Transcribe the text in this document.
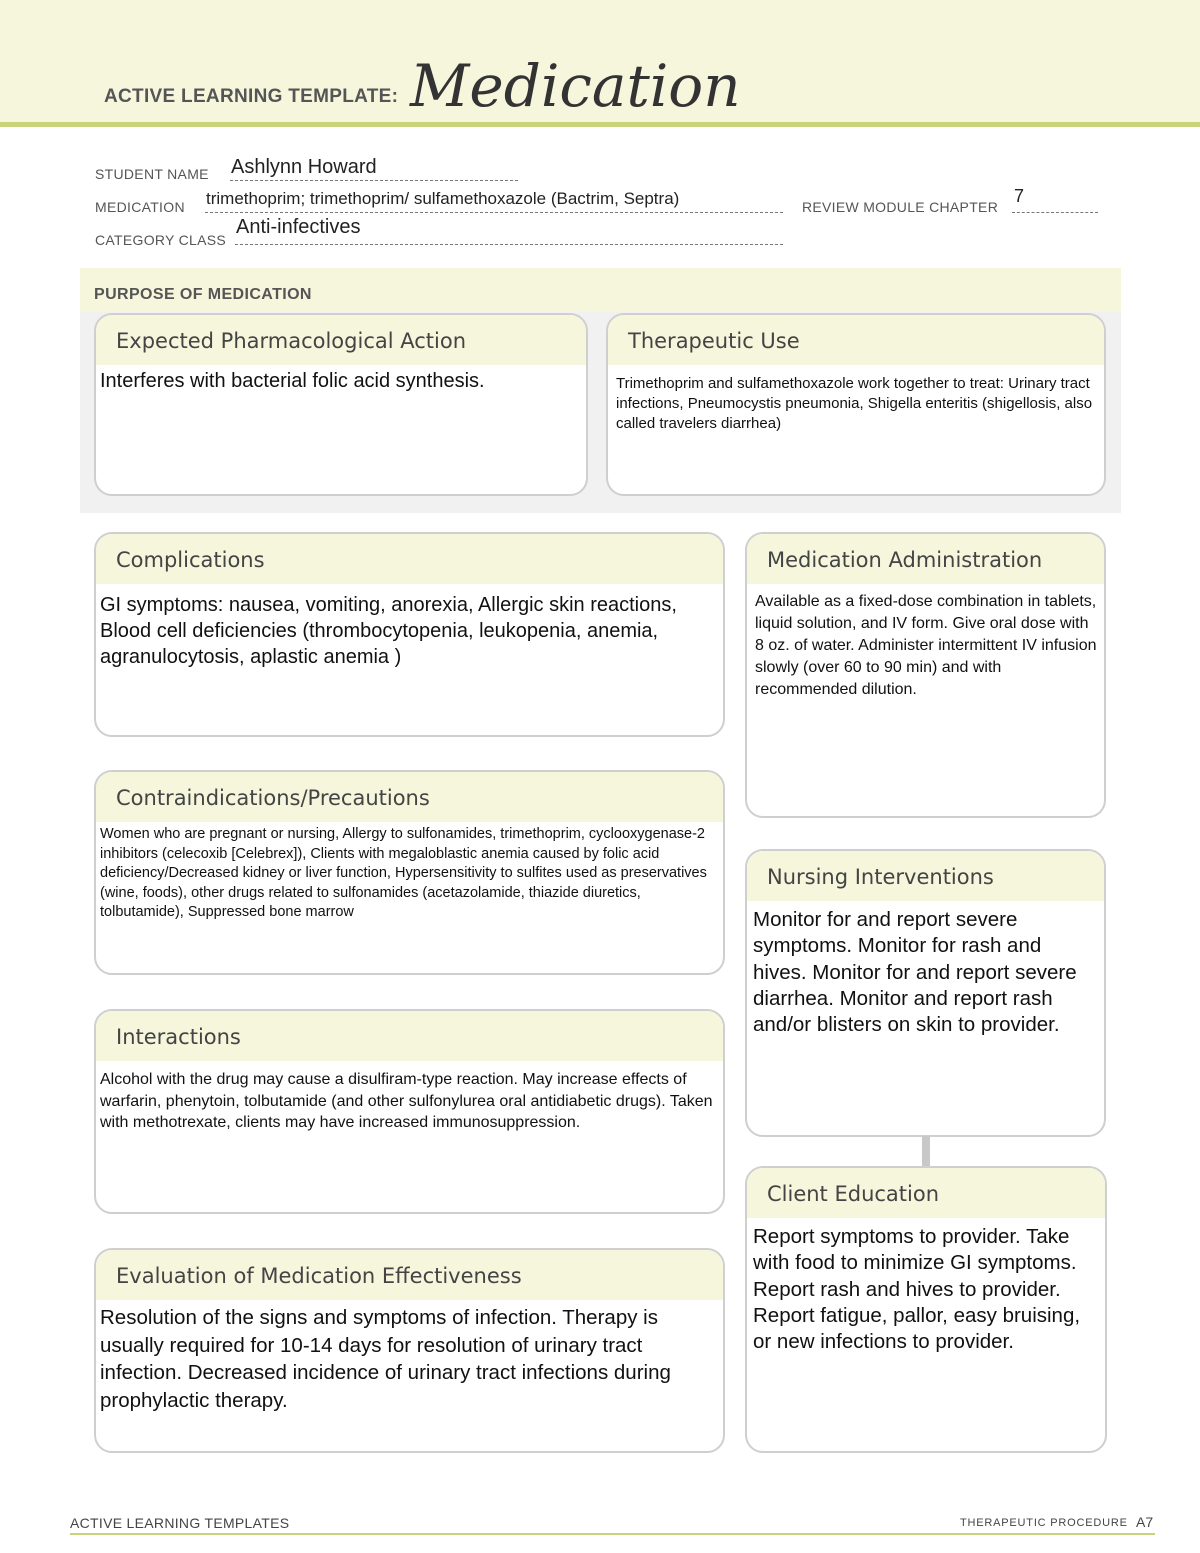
ACTIVE LEARNING TEMPLATE: Medication
STUDENT NAME Ashlynn Howard
MEDICATION trimethoprim; trimethoprim/ sulfamethoxazole (Bactrim, Septra)	REVIEW MODULE CHAPTER
7
CATEGORY CLASS
Anti-infectives
PURPOSE OF MEDICATION
Expected Pharmacological Action
Interferes with bacterial folic acid synthesis.
Therapeutic Use
Trimethoprim and sulfamethoxazole work together to treat: Urinary tract infections, Pneumocystis pneumonia, Shigella enteritis (shigellosis, also called travelers diarrhea)
Complications
GI symptoms: nausea, vomiting, anorexia, Allergic skin reactions, Blood cell deficiencies (thrombocytopenia, leukopenia, anemia, agranulocytosis, aplastic anemia )
Contraindications/Precautions
Women who are pregnant or nursing, Allergy to sulfonamides, trimethoprim, cyclooxygenase-2 inhibitors (celecoxib [Celebrex]), Clients with megaloblastic anemia caused by folic acid deficiency/Decreased kidney or liver function, Hypersensitivity to sulfites used as preservatives (wine, foods), other drugs related to sulfonamides (acetazolamide, thiazide diuretics, tolbutamide), Suppressed bone marrow
Interactions
Alcohol with the drug may cause a disulfiram-type reaction. May increase effects of warfarin, phenytoin, tolbutamide (and other sulfonylurea oral antidiabetic drugs). Taken with methotrexate, clients may have increased immunosuppression.
Evaluation of Medication Effectiveness
Resolution of the signs and symptoms of infection. Therapy is usually required for 10-14 days for resolution of urinary tract infection. Decreased incidence of urinary tract infections during prophylactic therapy.
Medication Administration
Available as a fixed-dose combination in tablets, liquid solution, and IV form. Give oral dose with 8 oz. of water. Administer intermittent IV infusion slowly (over 60 to 90 min) and with recommended dilution.
Nursing Interventions
Monitor for and report severe symptoms. Monitor for rash and hives. Monitor for and report severe diarrhea. Monitor and report rash and/or blisters on skin to provider.
Client Education
Report symptoms to provider. Take with food to minimize GI symptoms. Report rash and hives to provider. Report fatigue, pallor, easy bruising, or new infections to provider.
ACTIVE LEARNING TEMPLATES	THERAPEUTIC PROCEDURE A7
